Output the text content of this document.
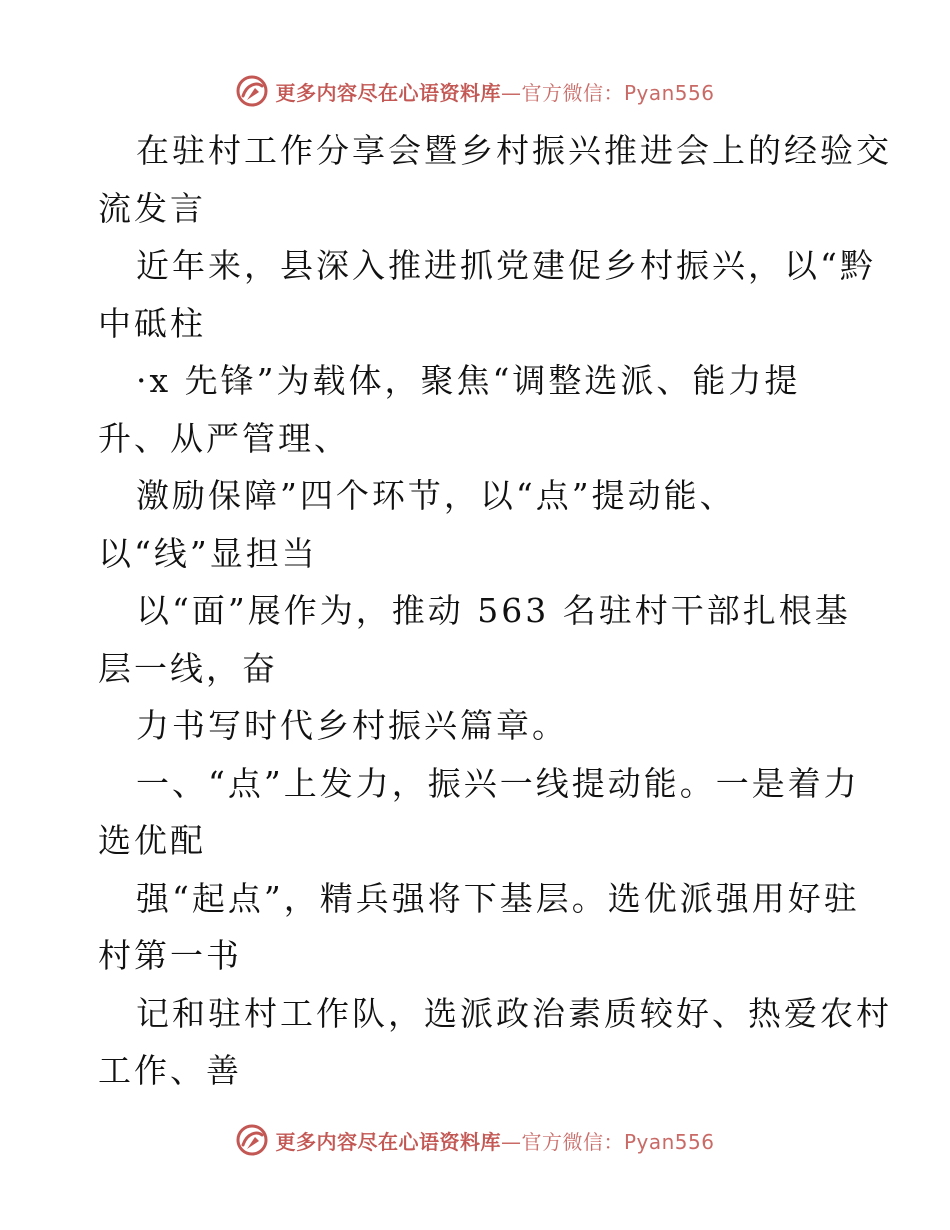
更多内容尽在心语资料库—官方微信：Pyan556
在驻村工作分享会暨乡村振兴推进会上的经验交
流发言
近年来，县深入推进抓党建促乡村振兴，以“黔
中砥柱
·x 先锋”为载体，聚焦“调整选派、能力提
升、从严管理、
激励保障”四个环节，以“点”提动能、
以“线”显担当
以“面”展作为，推动 563 名驻村干部扎根基
层一线，奋
力书写时代乡村振兴篇章。
一、“点”上发力，振兴一线提动能。一是着力
选优配
强“起点”，精兵强将下基层。选优派强用好驻
村第一书
记和驻村工作队，选派政治素质较好、热爱农村
工作、善
更多内容尽在心语资料库—官方微信：Pyan556
